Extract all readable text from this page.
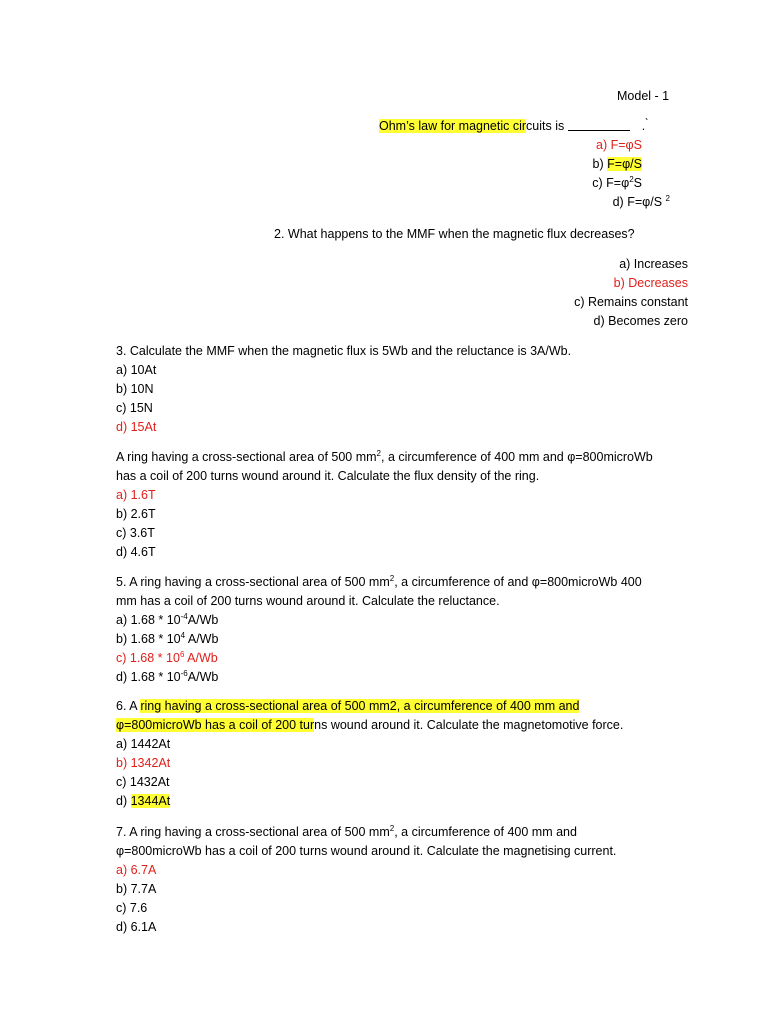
Model - 1
Ohm’s law for magnetic circuits is	. ̀
a) F=φS
b) F=φ/S
c) $F=\varphi^2S$
d) F=φ/S $^2$
2. What happens to the MMF when the magnetic flux decreases?
a) Increases
b) Decreases
c) Remains constant
d) Becomes zero
3. Calculate the MMF when the magnetic flux is 5Wb and the reluctance is 3A/Wb.
a) 10At
b) 10N
c) 15N
d) 15At
A ring having a cross-sectional area of 500 $mm^2$, a circumference of 400 mm and φ=800microWb
has a coil of 200 turns wound around it. Calculate the flux density of the ring.
a) 1.6T
b) 2.6T
c) 3.6T
d) 4.6T
5. A ring having a cross-sectional area of 500 $mm^2$, a circumference of and φ=800microWb 400
mm has a coil of 200 turns wound around it. Calculate the reluctance.
a) $1.68 * 10^{-4}A/Wb$
b) $1.68 * 10^4$ A/Wb
c) $1.68 * 10^6$ A/Wb
d) $1.68 * 10^{-6}A/Wb$
6. A ring having a cross-sectional area of 500 mm2, a circumference of 400 mm and
φ=800microWb has a coil of 200 turns wound around it. Calculate the magnetomotive force.
a) 1442At
b) 1342At
c) 1432At
d) 1344At
7. A ring having a cross-sectional area of 500 $mm^2$, a circumference of 400 mm and
φ=800microWb has a coil of 200 turns wound around it. Calculate the magnetising current.
a) 6.7A
b) 7.7A
c) 7.6
d) 6.1A
